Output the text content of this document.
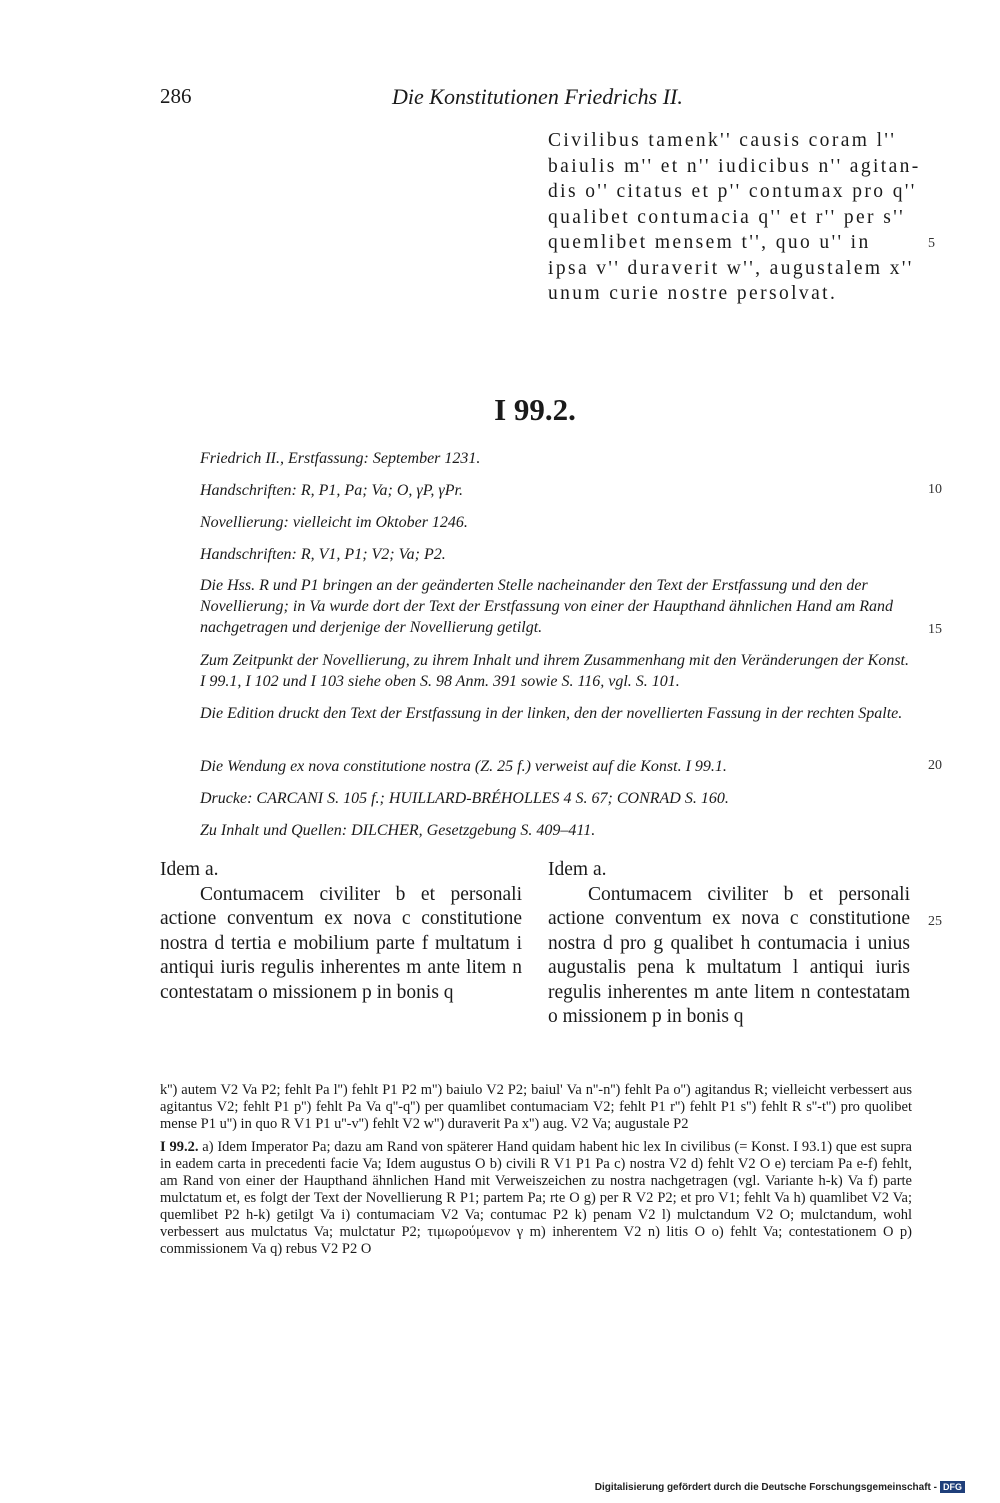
286	Die Konstitutionen Friedrichs II.
Civilibus tamenk'' causis coram l''
baiulis m'' et n'' iudicibus n'' agitan-
dis o'' citatus et p'' contumax pro q''
qualibet contumacia q'' et r'' per s''
quemlibet mensem t'', quo u'' in
ipsa v'' duraverit w'', augustalem x''
unum curie nostre persolvat.
5
I 99.2.
Friedrich II., Erstfassung: September 1231.
Handschriften: R, P1, Pa; Va; O, γP, γPr.
Novellierung: vielleicht im Oktober 1246.
Handschriften: R, V1, P1; V2; Va; P2.
Die Hss. R und P1 bringen an der geänderten Stelle nacheinander den Text der Erstfassung und den der Novellierung; in Va wurde dort der Text der Erstfassung von einer der Haupthand ähnlichen Hand am Rand nachgetragen und derjenige der Novellierung getilgt.
Zum Zeitpunkt der Novellierung, zu ihrem Inhalt und ihrem Zusammenhang mit den Veränderungen der Konst. I 99.1, I 102 und I 103 siehe oben S. 98 Anm. 391 sowie S. 116, vgl. S. 101.
Die Edition druckt den Text der Erstfassung in der linken, den der novellierten Fassung in der rechten Spalte.
Die Wendung ex nova constitutione nostra (Z. 25 f.) verweist auf die Konst. I 99.1.
Drucke: CARCANI S. 105 f.; HUILLARD-BRÉHOLLES 4 S. 67; CONRAD S. 160.
Zu Inhalt und Quellen: DILCHER, Gesetzgebung S. 409–411.
10
15
20

Idem a.

Contumacem civiliter b et personali actione conventum ex nova c constitutione nostra d tertia e mobilium parte f multatum i antiqui iuris regulis inherentes m ante litem n contestatam o missionem p in bonis q

Idem a.

Contumacem civiliter b et personali actione conventum ex nova c constitutione nostra d pro g qualibet h contumacia i unius augustalis pena k multatum l antiqui iuris regulis inherentes m ante litem n contestatam o missionem p in bonis q

25

k'') autem V2 Va P2; fehlt Pa l'') fehlt P1 P2 m'') baiulo V2 P2; baiul' Va n''-n'') fehlt Pa o'') agitandus R; vielleicht verbessert aus agitantus V2; fehlt P1 p'') fehlt Pa Va q''-q'') per quamlibet contumaciam V2; fehlt P1 r'') fehlt P1 s'') fehlt R s''-t'') pro quolibet mense P1 u'') in quo R V1 P1 u''-v'') fehlt V2 w'') duraverit Pa x'') aug. V2 Va; augustale P2

I 99.2. a) Idem Imperator Pa; dazu am Rand von späterer Hand quidam habent hic lex In civilibus (= Konst. I 93.1) que est supra in eadem carta in precedenti facie Va; Idem augustus O b) civili R V1 P1 Pa c) nostra V2 d) fehlt V2 O e) terciam Pa e-f) fehlt, am Rand von einer der Haupthand ähnlichen Hand mit Verweiszeichen zu nostra nachgetragen (vgl. Variante h-k) Va f) parte mulctatum et, es folgt der Text der Novellierung R P1; partem Pa; rte O g) per R V2 P2; et pro V1; fehlt Va h) quamlibet V2 Va; quemlibet P2 h-k) getilgt Va i) contumaciam V2 Va; contumac P2 k) penam V2 l) mulctandum V2 O; mulctandum, wohl verbessert aus mulctatus Va; mulctatur P2; τιμωρούμενον γ m) inherentem V2 n) litis O o) fehlt Va; contestationem O p) commissionem Va q) rebus V2 P2 O

Digitalisierung gefördert durch die Deutsche Forschungsgemeinschaft - DFG
